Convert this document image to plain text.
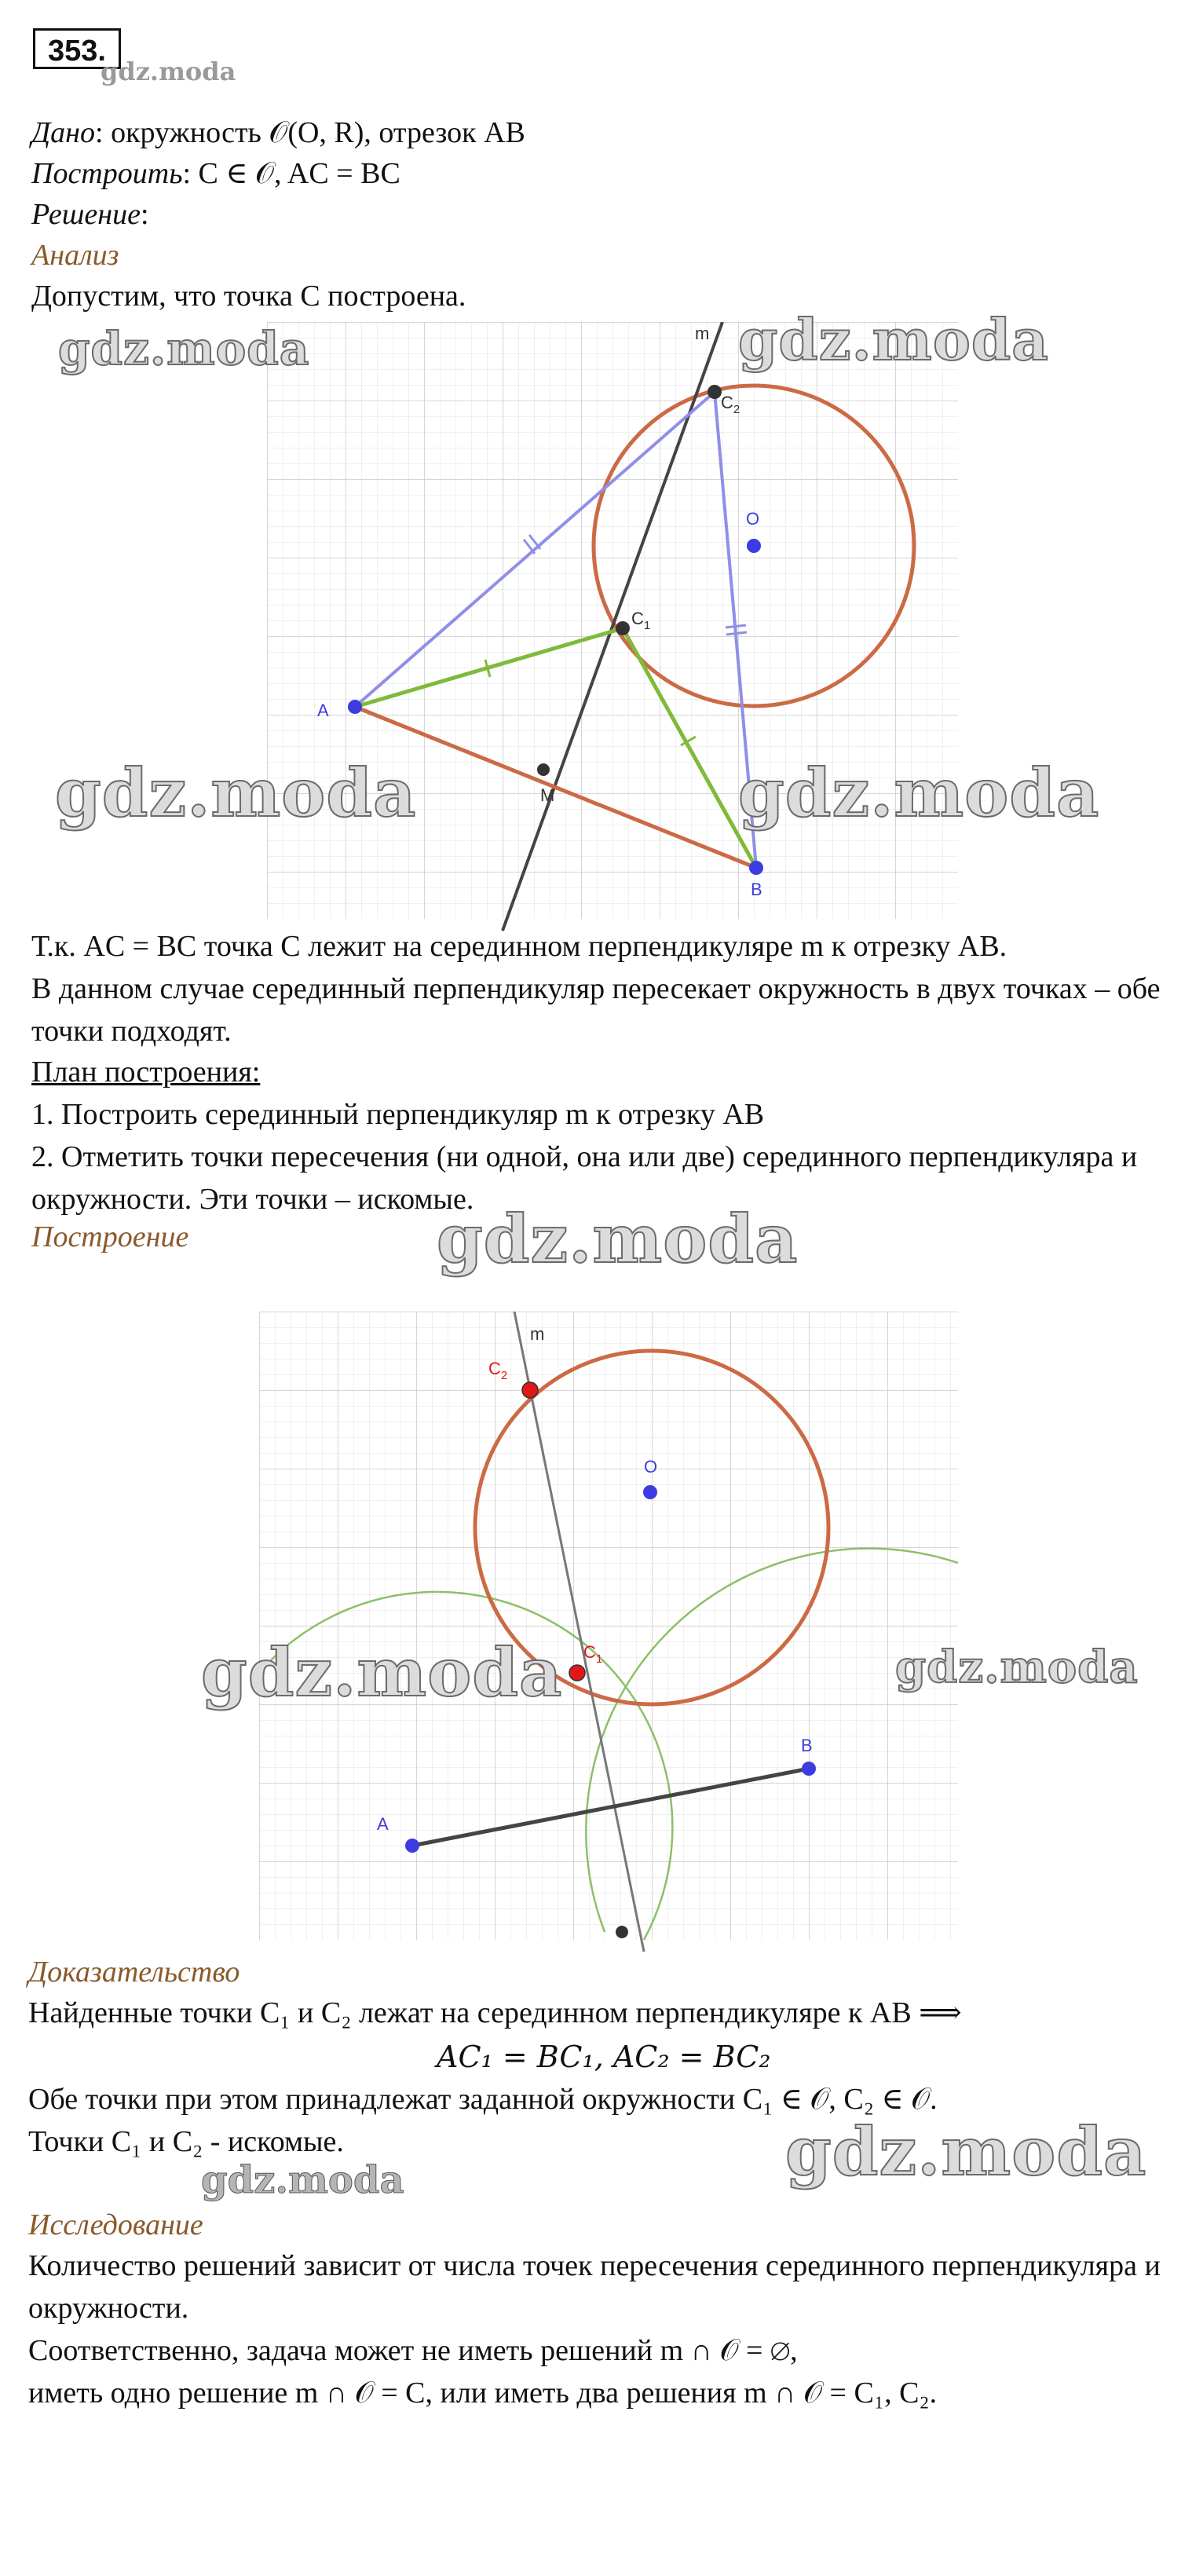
353.
gdz.moda
Дано: окружность 𝒪(O, R), отрезок AB
Построить: C ∈ 𝒪, AC = BC
Решение:
Анализ
Допустим, что точка C построена.
m
$C_2$
O
$C_1$
A
M
B
gdz.moda	gdz.moda
gdz.moda	gdz.moda
Т.к. AC = BC точка C лежит на серединном перпендикуляре m к отрезку AB.
В данном случае серединный перпендикуляр пересекает окружность в двух точках – обе точки подходят.
План построения:
1. Построить серединный перпендикуляр m к отрезку AB
2. Отметить точки пересечения (ни одной, она или две) серединного перпендикуляра и окружности. Эти точки – искомые.
Построение	gdz.moda
m
$C_2$
O
$C_1$
B
A
gdz.moda	gdz.moda
Доказательство
Найденные точки C₁ и C₂ лежат на серединном перпендикуляре к AB ⟹
AC₁ = BC₁, AC₂ = BC₂
Обе точки при этом принадлежат заданной окружности C₁ ∈ 𝒪, C₂ ∈ 𝒪.
Точки C₁ и C₂ - искомые.	gdz.moda
gdz.moda
Исследование
Количество решений зависит от числа точек пересечения серединного перпендикуляра и окружности.
Соответственно, задача может не иметь решений m ∩ 𝒪 = ∅,
иметь одно решение m ∩ 𝒪 = C, или иметь два решения m ∩ 𝒪 = C₁, C₂.
